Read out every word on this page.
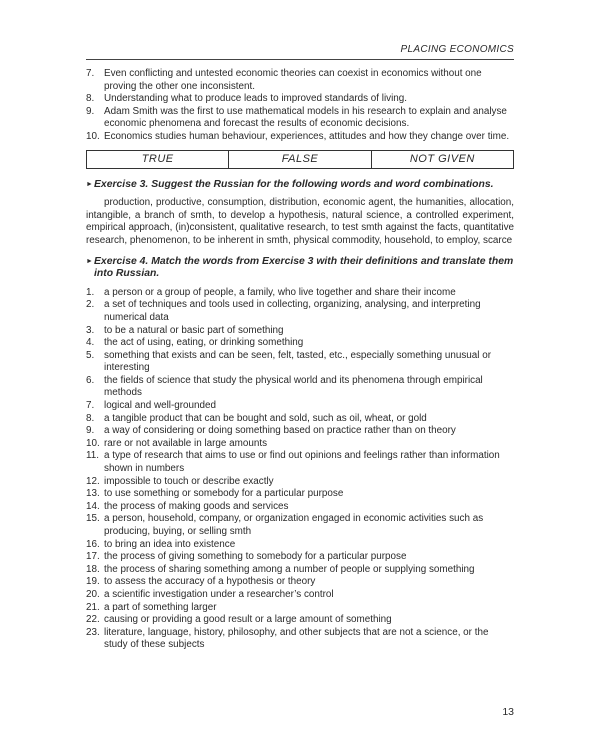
PLACING ECONOMICS
7. Even conflicting and untested economic theories can coexist in economics without one proving the other one inconsistent.
8. Understanding what to produce leads to improved standards of living.
9. Adam Smith was the first to use mathematical models in his research to explain and analyse economic phenomena and forecast the results of economic decisions.
10. Economics studies human behaviour, experiences, attitudes and how they change over time.
TRUE	FALSE	NOT GIVEN
► Exercise 3. Suggest the Russian for the following words and word combinations.
production, productive, consumption, distribution, economic agent, the humanities, allocation, intangible, a branch of smth, to develop a hypothesis, natural science, a controlled experiment, empirical approach, (in)consistent, qualitative research, to test smth against the facts, quantitative research, phenomenon, to be inherent in smth, physical commodity, household, to employ, scarce
► Exercise 4. Match the words from Exercise 3 with their definitions and translate them into Russian.
1. a person or a group of people, a family, who live together and share their income
2. a set of techniques and tools used in collecting, organizing, analysing, and interpreting numerical data
3. to be a natural or basic part of something
4. the act of using, eating, or drinking something
5. something that exists and can be seen, felt, tasted, etc., especially something unusual or interesting
6. the fields of science that study the physical world and its phenomena through empirical methods
7. logical and well-grounded
8. a tangible product that can be bought and sold, such as oil, wheat, or gold
9. a way of considering or doing something based on practice rather than on theory
10. rare or not available in large amounts
11. a type of research that aims to use or find out opinions and feelings rather than information shown in numbers
12. impossible to touch or describe exactly
13. to use something or somebody for a particular purpose
14. the process of making goods and services
15. a person, household, company, or organization engaged in economic activities such as producing, buying, or selling smth
16. to bring an idea into existence
17. the process of giving something to somebody for a particular purpose
18. the process of sharing something among a number of people or supplying something
19. to assess the accuracy of a hypothesis or theory
20. a scientific investigation under a researcher’s control
21. a part of something larger
22. causing or providing a good result or a large amount of something
23. literature, language, history, philosophy, and other subjects that are not a science, or the study of these subjects
13
